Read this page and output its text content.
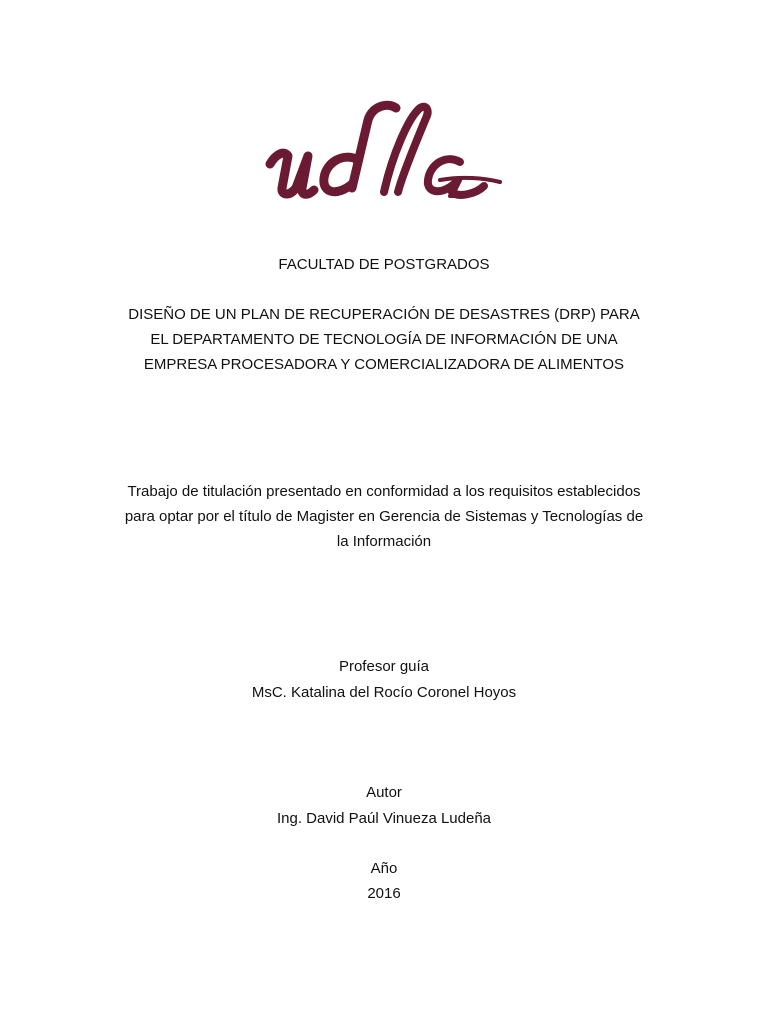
FACULTAD DE POSTGRADOS
DISEÑO DE UN PLAN DE RECUPERACIÓN DE DESASTRES (DRP) PARA
EL DEPARTAMENTO DE TECNOLOGÍA DE INFORMACIÓN DE UNA
EMPRESA PROCESADORA Y COMERCIALIZADORA DE ALIMENTOS
Trabajo de titulación presentado en conformidad a los requisitos establecidos
para optar por el título de Magister en Gerencia de Sistemas y Tecnologías de
la Información
Profesor guía
MsC. Katalina del Rocío Coronel Hoyos
Autor
Ing. David Paúl Vinueza Ludeña
Año
2016
